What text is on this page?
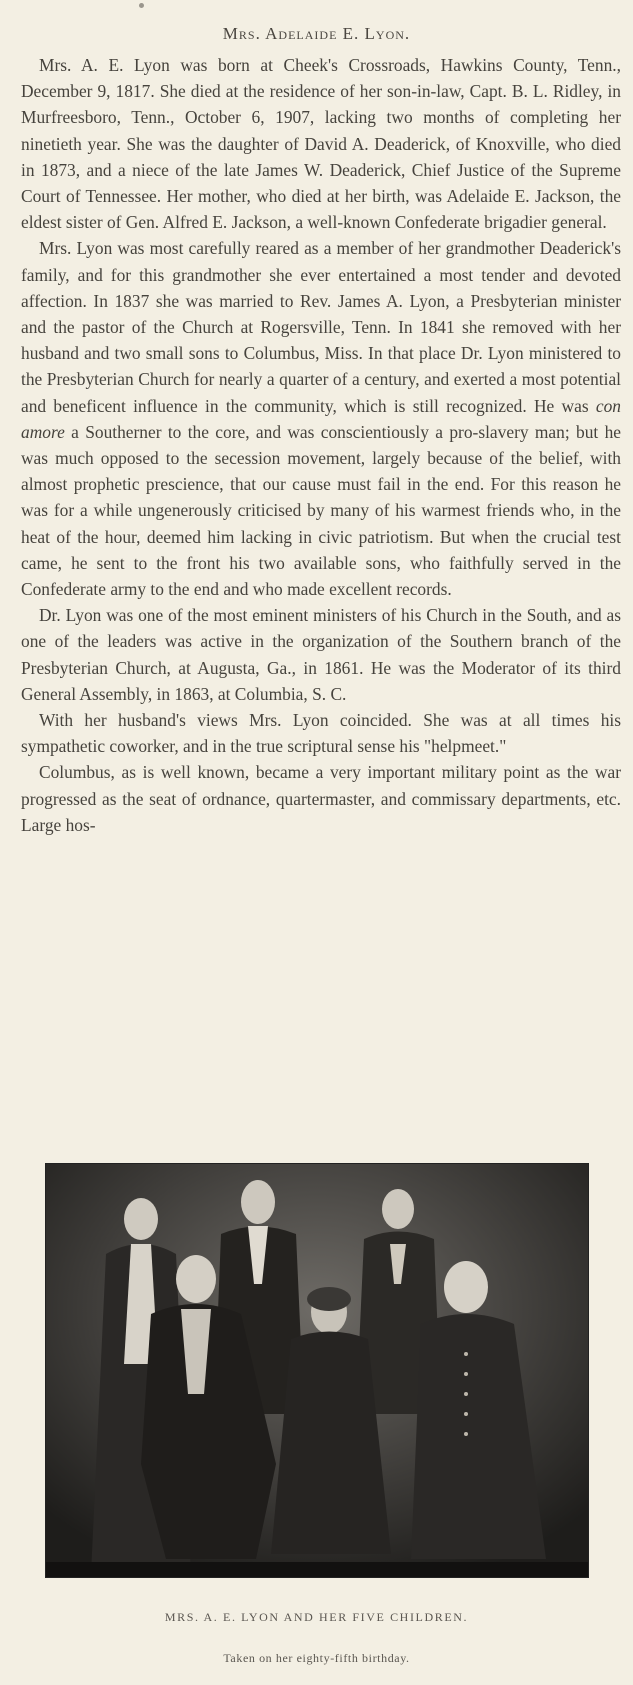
Mrs. Adelaide E. Lyon.

Mrs. A. E. Lyon was born at Cheek's Crossroads, Hawkins County, Tenn., December 9, 1817. She died at the residence of her son-in-law, Capt. B. L. Ridley, in Murfreesboro, Tenn., October 6, 1907, lacking two months of completing her ninetieth year. She was the daughter of David A. Deaderick, of Knoxville, who died in 1873, and a niece of the late James W. Deaderick, Chief Justice of the Supreme Court of Tennessee. Her mother, who died at her birth, was Adelaide E. Jackson, the eldest sister of Gen. Alfred E. Jackson, a well-known Confederate brigadier general.

Mrs. Lyon was most carefully reared as a member of her grandmother Deaderick's family, and for this grandmother she ever entertained a most tender and devoted affection. In 1837 she was married to Rev. James A. Lyon, a Presbyterian minister and the pastor of the Church at Rogersville, Tenn. In 1841 she removed with her husband and two small sons to Columbus, Miss. In that place Dr. Lyon ministered to the Presbyterian Church for nearly a quarter of a century, and exerted a most potential and beneficent influence in the community, which is still recognized. He was con amore a Southerner to the core, and was conscientiously a pro-slavery man; but he was much opposed to the secession movement, largely because of the belief, with almost prophetic prescience, that our cause must fail in the end. For this reason he was for a while ungenerously criticised by many of his warmest friends who, in the heat of the hour, deemed him lacking in civic patriotism. But when the crucial test came, he sent to the front his two available sons, who faithfully served in the Confederate army to the end and who made excellent records.

Dr. Lyon was one of the most eminent ministers of his Church in the South, and as one of the leaders was active in the organization of the Southern branch of the Presbyterian Church, at Augusta, Ga., in 1861. He was the Moderator of its third General Assembly, in 1863, at Columbia, S. C.

With her husband's views Mrs. Lyon coincided. She was at all times his sympathetic coworker, and in the true scriptural sense his "helpmeet."

Columbus, as is well known, became a very important military point as the war progressed as the seat of ordnance, quartermaster, and commissary departments, etc. Large hos-

MRS. A. E. LYON AND HER FIVE CHILDREN.
Taken on her eighty-fifth birthday.
